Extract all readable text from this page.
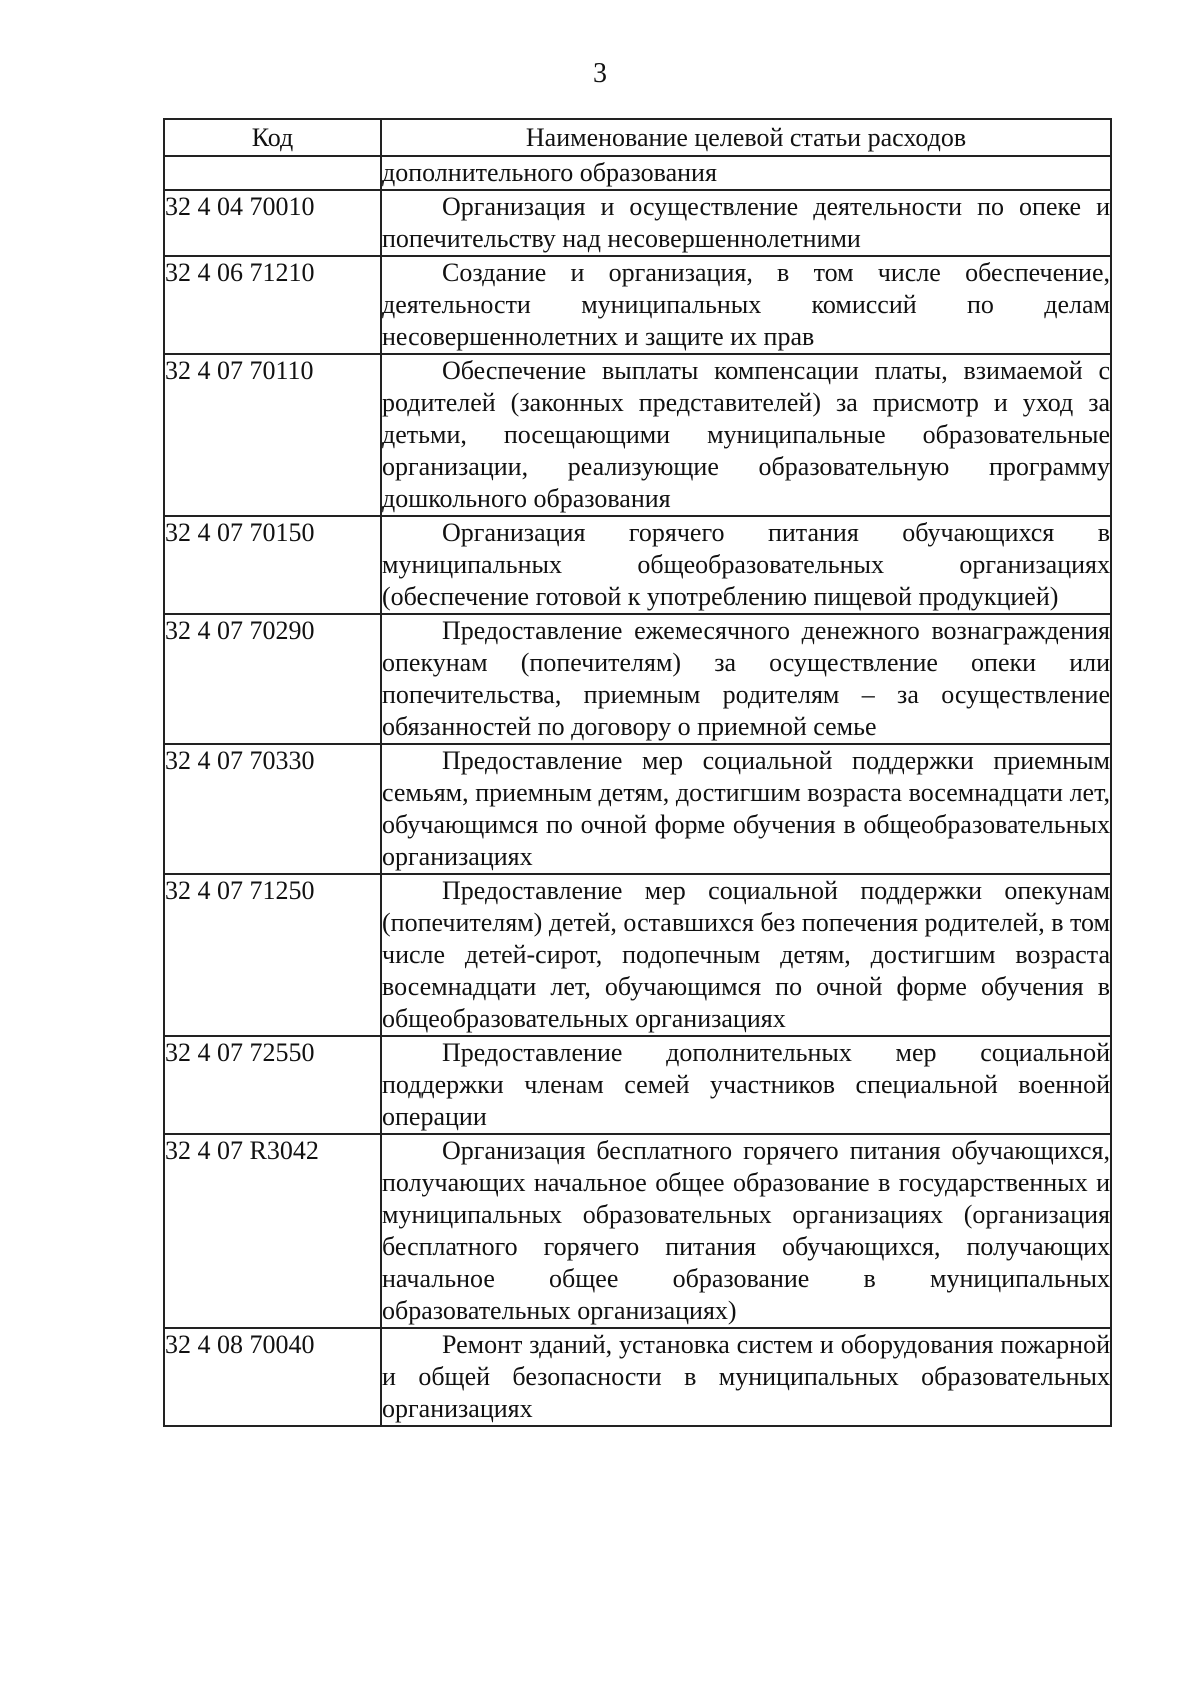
3
Код	Наименование целевой статьи расходов

	дополнительного образования

32 4 04 70010	Организация и осуществление деятельности по опеке и попечительству над несовершеннолетними

32 4 06 71210	Создание и организация, в том числе обеспечение, деятельности муниципальных комиссий по делам несовершеннолетних и защите их прав

32 4 07 70110	Обеспечение выплаты компенсации платы, взимаемой с родителей (законных представителей) за присмотр и уход за детьми, посещающими муниципальные образовательные организации, реализующие образовательную программу дошкольного образования

32 4 07 70150	Организация горячего питания обучающихся в муниципальных общеобразовательных организациях (обеспечение готовой к употреблению пищевой продукцией)

32 4 07 70290	Предоставление ежемесячного денежного вознаграждения опекунам (попечителям) за осуществление опеки или попечительства, приемным родителям – за осуществление обязанностей по договору о приемной семье

32 4 07 70330	Предоставление мер социальной поддержки приемным семьям, приемным детям, достигшим возраста восемнадцати лет, обучающимся по очной форме обучения в общеобразовательных организациях

32 4 07 71250	Предоставление мер социальной поддержки опекунам (попечителям) детей, оставшихся без попечения родителей, в том числе детей-сирот, подопечным детям, достигшим возраста восемнадцати лет, обучающимся по очной форме обучения в общеобразовательных организациях

32 4 07 72550	Предоставление дополнительных мер социальной поддержки членам семей участников специальной военной операции

32 4 07 R3042	Организация бесплатного горячего питания обучающихся, получающих начальное общее образование в государственных и муниципальных образовательных организациях (организация бесплатного горячего питания обучающихся, получающих начальное общее образование в муниципальных образовательных организациях)

32 4 08 70040	Ремонт зданий, установка систем и оборудования пожарной и общей безопасности в муниципальных образовательных организациях
